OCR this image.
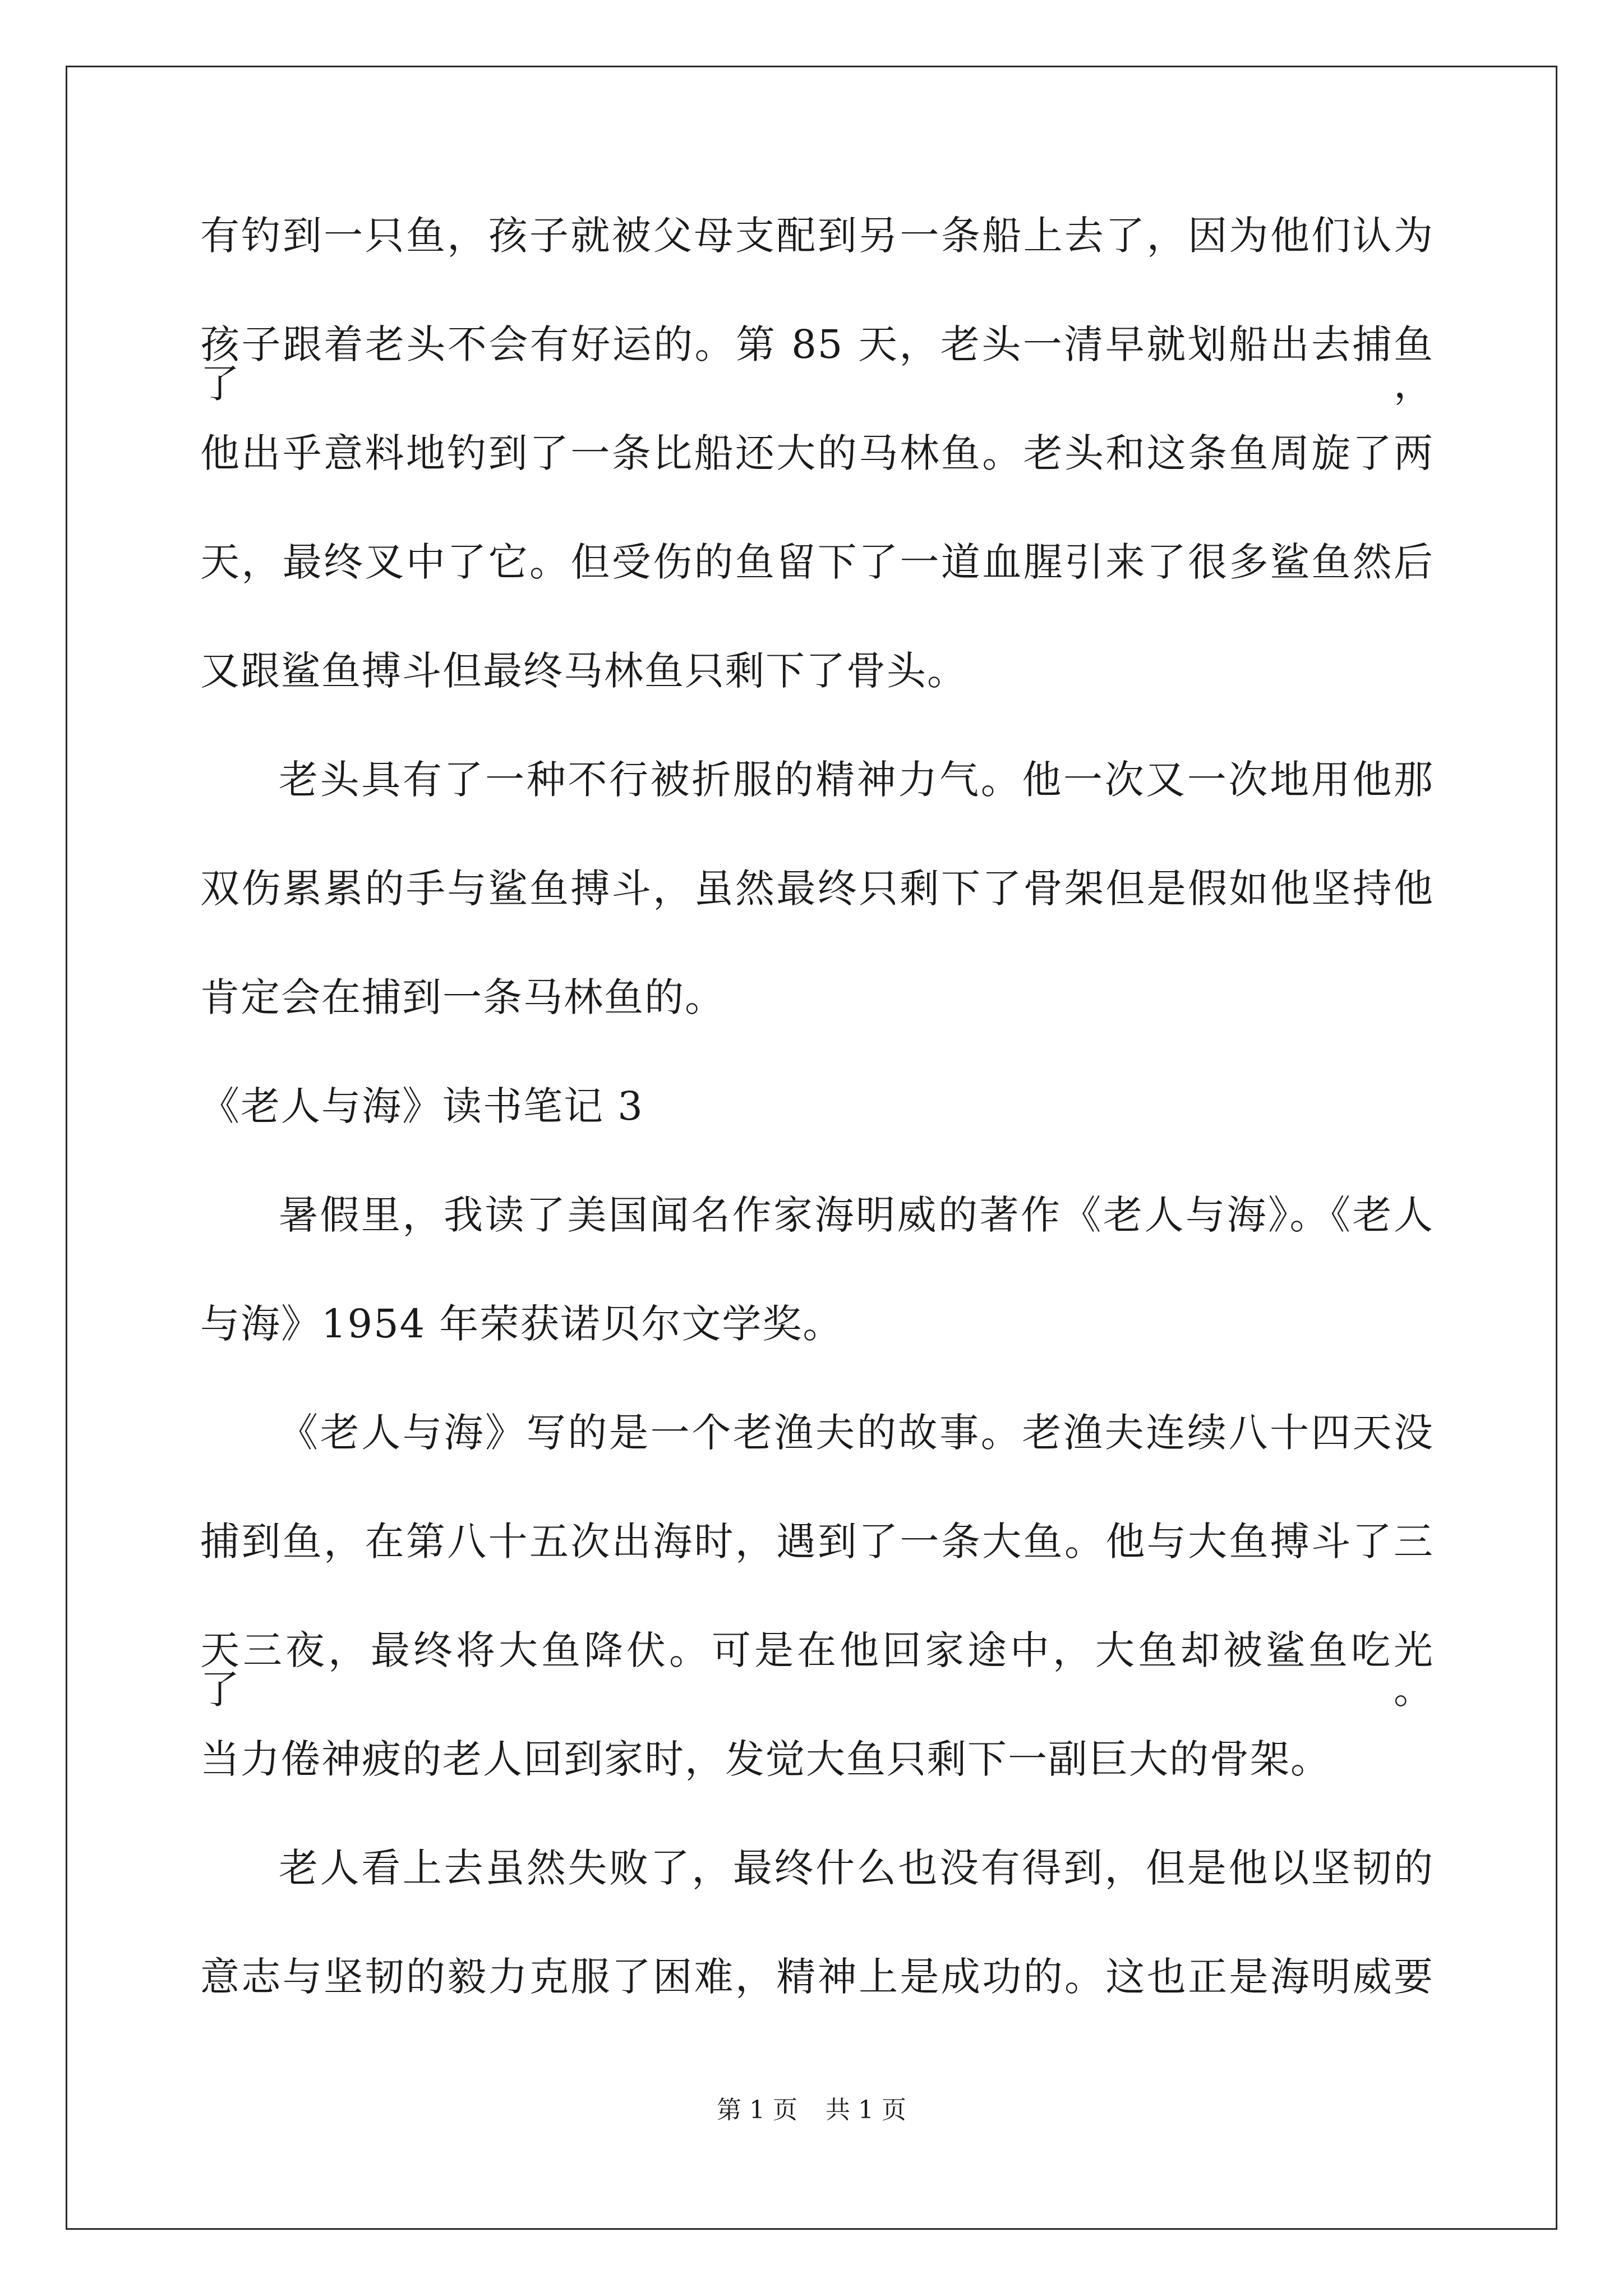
有钓到一只鱼，孩子就被父母支配到另一条船上去了，因为他们认为
孩子跟着老头不会有好运的。第 85 天，老头一清早就划船出去捕鱼了，
他出乎意料地钓到了一条比船还大的马林鱼。老头和这条鱼周旋了两
天，最终叉中了它。但受伤的鱼留下了一道血腥引来了很多鲨鱼然后
又跟鲨鱼搏斗但最终马林鱼只剩下了骨头。
老头具有了一种不行被折服的精神力气。他一次又一次地用他那
双伤累累的手与鲨鱼搏斗，虽然最终只剩下了骨架但是假如他坚持他
肯定会在捕到一条马林鱼的。
《老人与海》读书笔记 3
暑假里，我读了美国闻名作家海明威的著作《老人与海》。《老人
与海》1954 年荣获诺贝尔文学奖。
《老人与海》写的是一个老渔夫的故事。老渔夫连续八十四天没
捕到鱼，在第八十五次出海时，遇到了一条大鱼。他与大鱼搏斗了三
天三夜，最终将大鱼降伏。可是在他回家途中，大鱼却被鲨鱼吃光了。
当力倦神疲的老人回到家时，发觉大鱼只剩下一副巨大的骨架。
老人看上去虽然失败了，最终什么也没有得到，但是他以坚韧的
意志与坚韧的毅力克服了困难，精神上是成功的。这也正是海明威要
第 1 页 共 1 页
